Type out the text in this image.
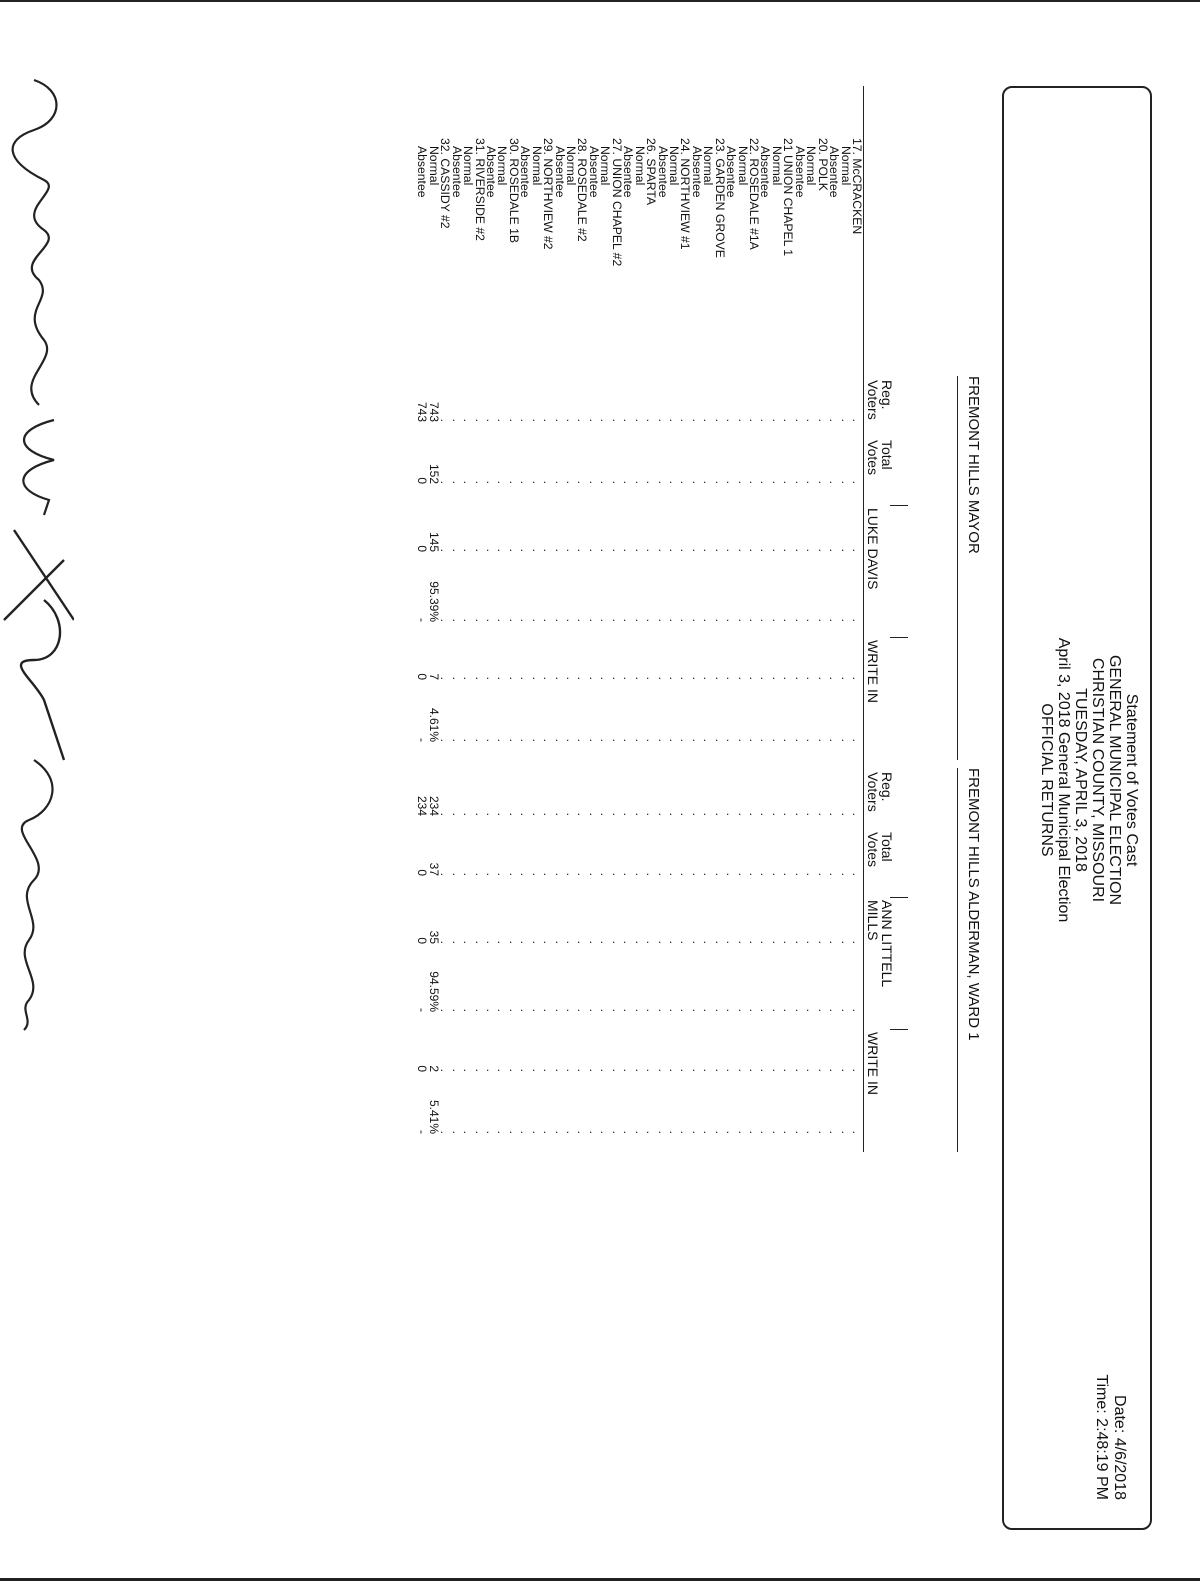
Statement of Votes Cast
GENERAL MUNICIPAL ELECTION
CHRISTIAN COUNTY, MISSOURI
TUESDAY, APRIL 3, 2018
April 3, 2018 General Municipal Election
OFFICIAL RETURNS
Date: 4/6/2018
Time: 2:48:19 PM
FREMONT HILLS MAYOR
FREMONT HILLS ALDERMAN, WARD 1
17. McCRACKEN
Normal
Absentee
20. POLK
Normal
Absentee
21 UNION CHAPEL 1
Normal
Absentee
22. ROSEDALE #1A
Normal
Absentee
23. GARDEN GROVE
Normal
Absentee
24. NORTHVIEW #1
Normal
Absentee
26. SPARTA
Normal
Absentee
27. UNION CHAPEL #2
Normal
Absentee
28. ROSEDALE #2
Normal
Absentee
29. NORTHVIEW #2
Normal
Absentee
30. ROSEDALE 1B
Normal
Absentee
31. RIVERSIDE #2
Normal
Absentee
32. CASSIDY #2
Normal
Absentee
Reg.
Voters
Total
Votes
LUKE DAVIS
WRITE IN
Reg.
Voters
Total
Votes
ANN LITTELL
MILLS
WRITE IN
.
.
.
.
.
.
.
.
.
.
.
.
.
.
.
.
.
.
.
.
.
.
.
.
.
.
.
.
.
.
.
.
.
.
.
.
.
743
743
.
.
.
.
.
.
.
.
.
.
.
.
.
.
.
.
.
.
.
.
.
.
.
.
.
.
.
.
.
.
.
.
.
.
.
.
.
152
0
.
.
.
.
.
.
.
.
.
.
.
.
.
.
.
.
.
.
.
.
.
.
.
.
.
.
.
.
.
.
.
.
.
.
.
.
.
145
0
.
.
.
.
.
.
.
.
.
.
.
.
.
.
.
.
.
.
.
.
.
.
.
.
.
.
.
.
.
.
.
.
.
.
.
.
.
95.39%
-
.
.
.
.
.
.
.
.
.
.
.
.
.
.
.
.
.
.
.
.
.
.
.
.
.
.
.
.
.
.
.
.
.
.
.
.
.
7
0
.
.
.
.
.
.
.
.
.
.
.
.
.
.
.
.
.
.
.
.
.
.
.
.
.
.
.
.
.
.
.
.
.
.
.
.
.
4.61%
-
.
.
.
.
.
.
.
.
.
.
.
.
.
.
.
.
.
.
.
.
.
.
.
.
.
.
.
.
.
.
.
.
.
.
.
.
.
234
234
.
.
.
.
.
.
.
.
.
.
.
.
.
.
.
.
.
.
.
.
.
.
.
.
.
.
.
.
.
.
.
.
.
.
.
.
.
37
0
.
.
.
.
.
.
.
.
.
.
.
.
.
.
.
.
.
.
.
.
.
.
.
.
.
.
.
.
.
.
.
.
.
.
.
.
.
35
0
.
.
.
.
.
.
.
.
.
.
.
.
.
.
.
.
.
.
.
.
.
.
.
.
.
.
.
.
.
.
.
.
.
.
.
.
.
94.59%
-
.
.
.
.
.
.
.
.
.
.
.
.
.
.
.
.
.
.
.
.
.
.
.
.
.
.
.
.
.
.
.
.
.
.
.
.
.
2
0
.
.
.
.
.
.
.
.
.
.
.
.
.
.
.
.
.
.
.
.
.
.
.
.
.
.
.
.
.
.
.
.
.
.
.
.
.
5.41%
-
